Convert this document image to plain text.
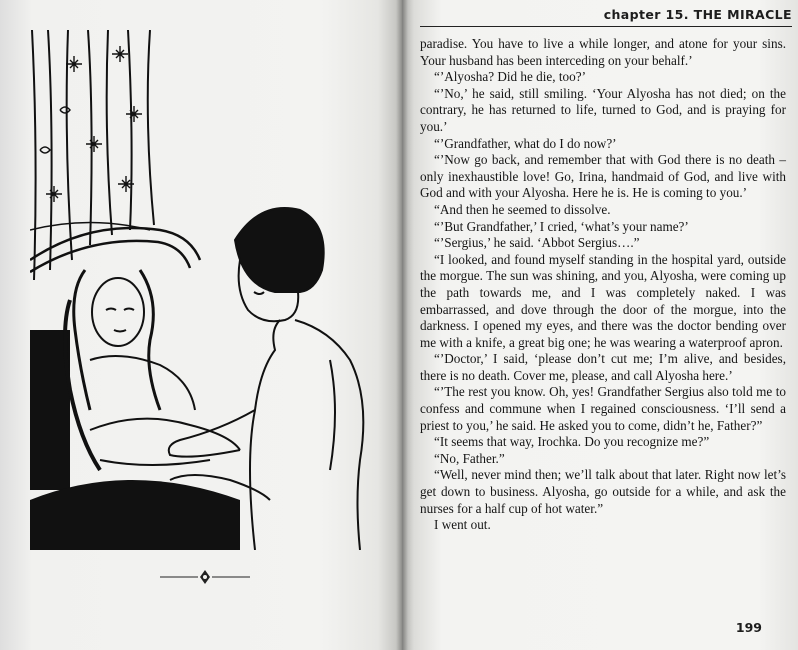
chapter 15. THE MIRACLE

paradise. You have to live a while longer, and atone for your sins. Your husband has been interceding on your behalf.’

“’Alyosha? Did he die, too?’

“’No,’ he said, still smiling. ‘Your Alyosha has not died; on the contrary, he has returned to life, turned to God, and is praying for you.’

“’Grandfather, what do I do now?’

“’Now go back, and remember that with God there is no death – only inexhaustible love! Go, Irina, handmaid of God, and live with God and with your Alyosha. Here he is. He is coming to you.’

“And then he seemed to dissolve.

“’But Grandfather,’ I cried, ‘what’s your name?’

“’Sergius,’ he said. ‘Abbot Sergius….”

“I looked, and found myself standing in the hospital yard, outside the morgue. The sun was shining, and you, Alyosha, were coming up the path towards me, and I was completely naked. I was embarrassed, and dove through the door of the morgue, into the darkness. I opened my eyes, and there was the doctor bending over me with a knife, a great big one; he was wearing a waterproof apron.

“’Doctor,’ I said, ‘please don’t cut me; I’m alive, and besides, there is no death. Cover me, please, and call Alyosha here.’

“’The rest you know. Oh, yes! Grandfather Sergius also told me to confess and commune when I regained consciousness. ‘I’ll send a priest to you,’ he said. He asked you to come, didn’t he, Father?”

“It seems that way, Irochka. Do you recognize me?”

“No, Father.”

“Well, never mind then; we’ll talk about that later. Right now let’s get down to business. Alyosha, go outside for a while, and ask the nurses for a half cup of hot water.”

I went out.

199
